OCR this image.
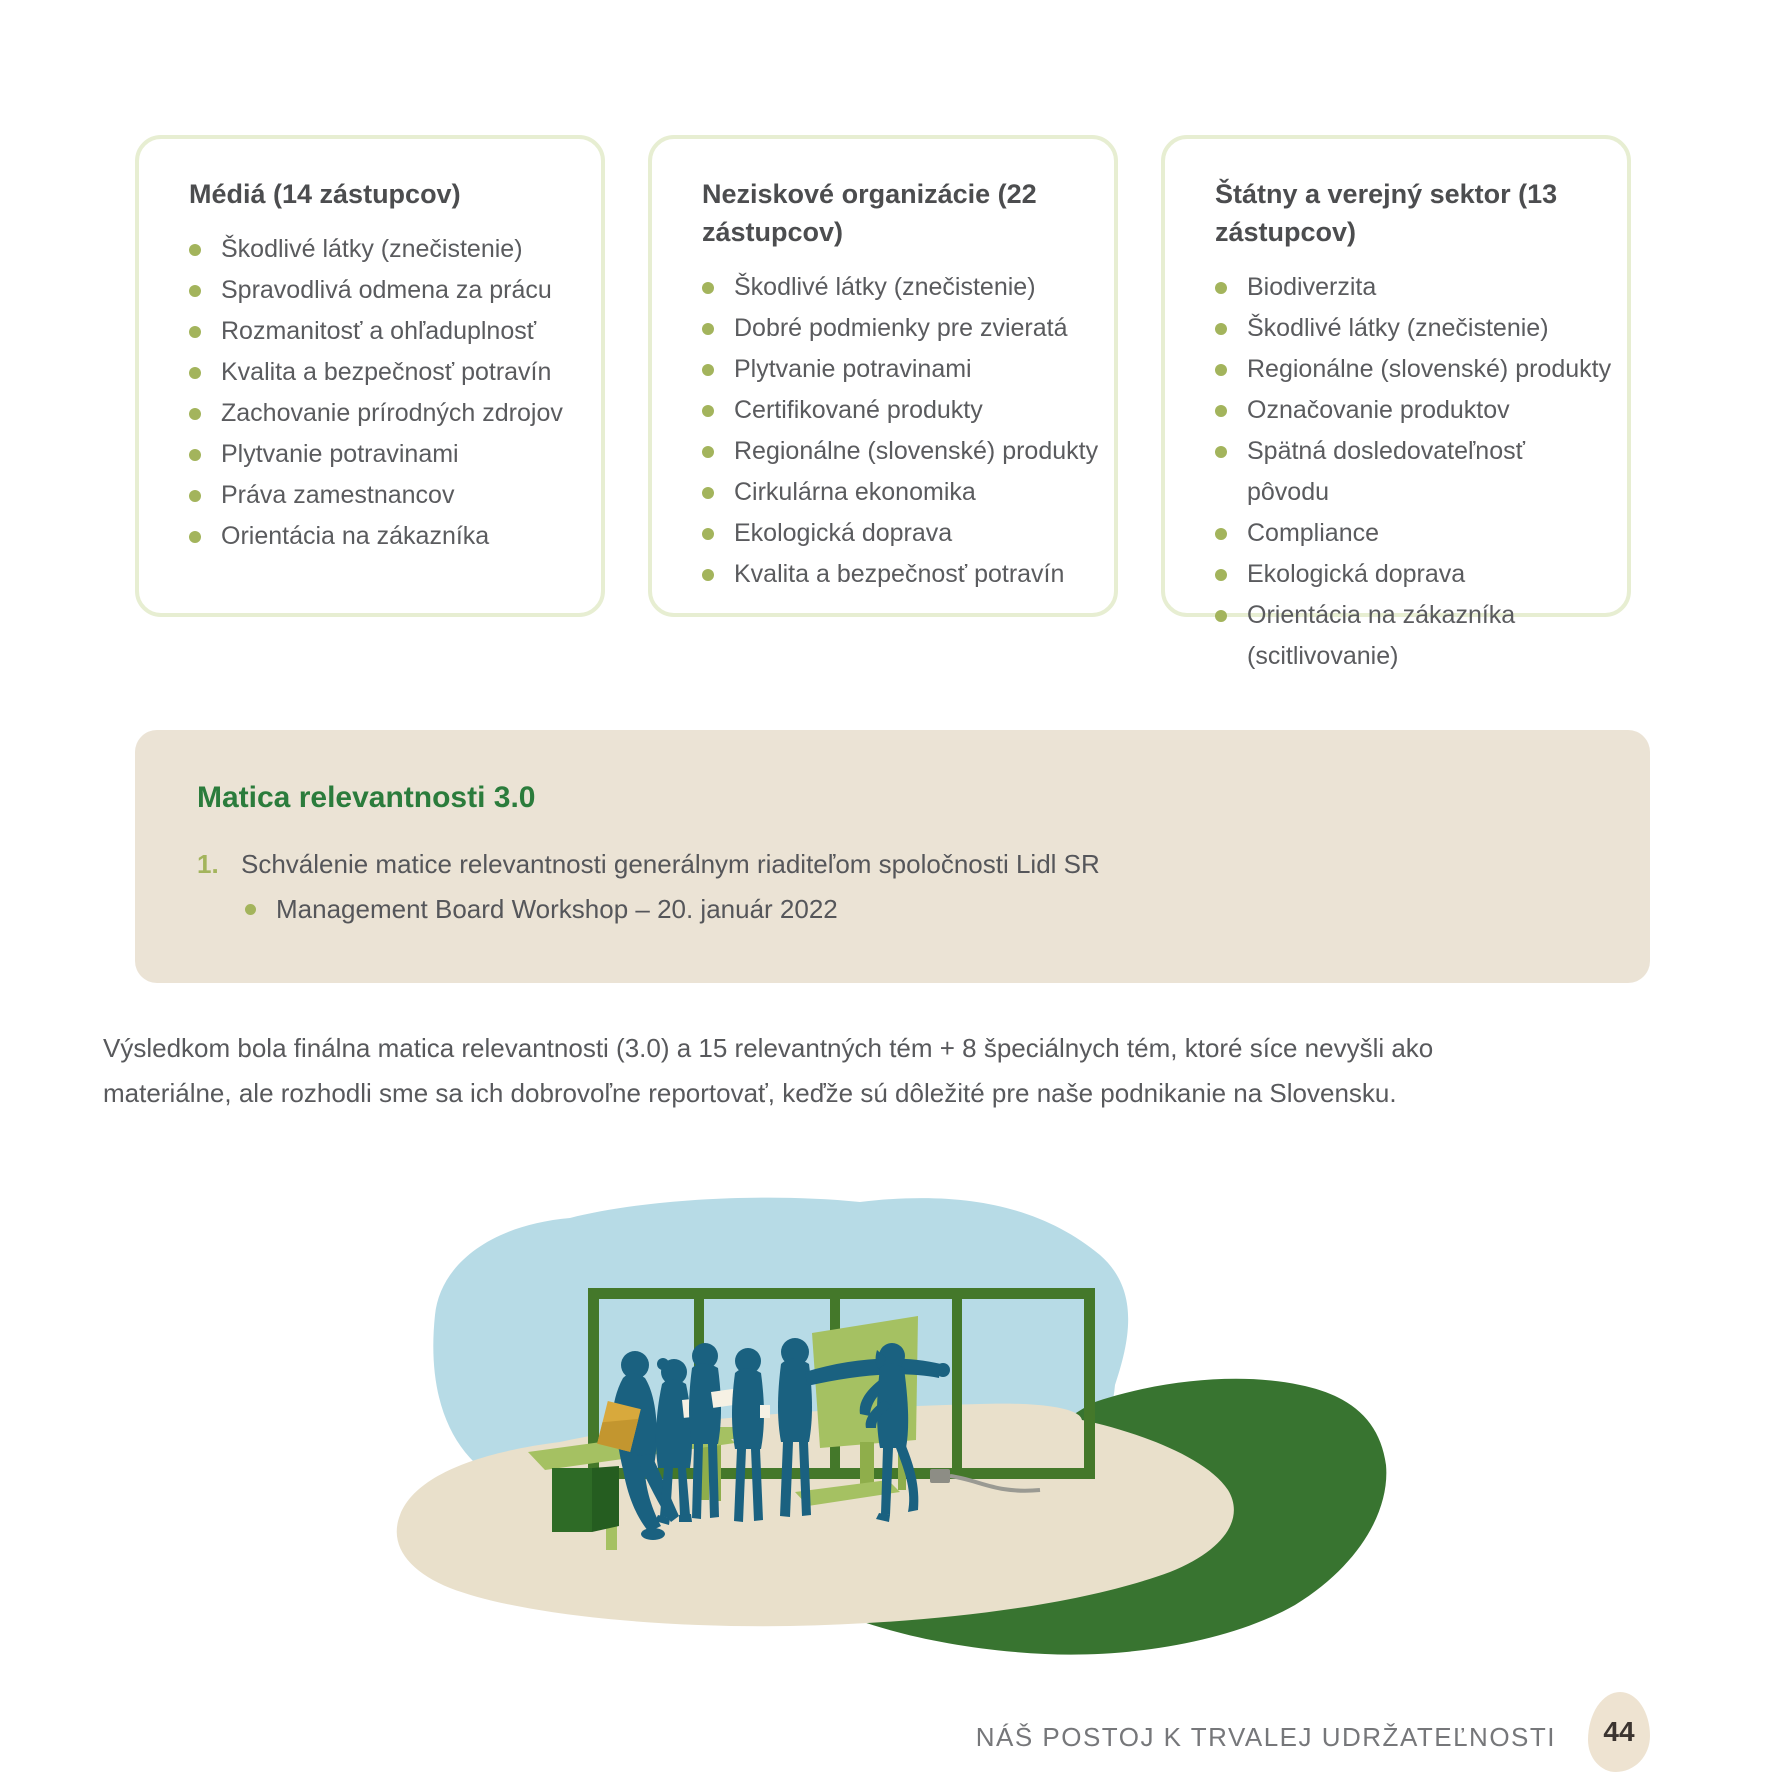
Médiá (14 zástupcov)
Škodlivé látky (znečistenie)
Spravodlivá odmena za prácu
Rozmanitosť a ohľaduplnosť
Kvalita a bezpečnosť potravín
Zachovanie prírodných zdrojov
Plytvanie potravinami
Práva zamestnancov
Orientácia na zákazníka
Neziskové organizácie (22 zástupcov)
Škodlivé látky (znečistenie)
Dobré podmienky pre zvieratá
Plytvanie potravinami
Certifikované produkty
Regionálne (slovenské) produkty
Cirkulárna ekonomika
Ekologická doprava
Kvalita a bezpečnosť potravín
Štátny a verejný sektor (13 zástupcov)
Biodiverzita
Škodlivé látky (znečistenie)
Regionálne (slovenské) produkty
Označovanie produktov
Spätná dosledovateľnosť pôvodu
Compliance
Ekologická doprava
Orientácia na zákazníka (scitlivovanie)
Matica relevantnosti 3.0
1. Schválenie matice relevantnosti generálnym riaditeľom spoločnosti Lidl SR
Management Board Workshop – 20. január 2022
Výsledkom bola finálna matica relevantnosti (3.0) a 15 relevantných tém + 8 špeciálnych tém, ktoré síce nevyšli ako
materiálne, ale rozhodli sme sa ich dobrovoľne reportovať, keďže sú dôležité pre naše podnikanie na Slovensku.
NÁŠ POSTOJ K TRVALEJ UDRŽATEĽNOSTI 44
